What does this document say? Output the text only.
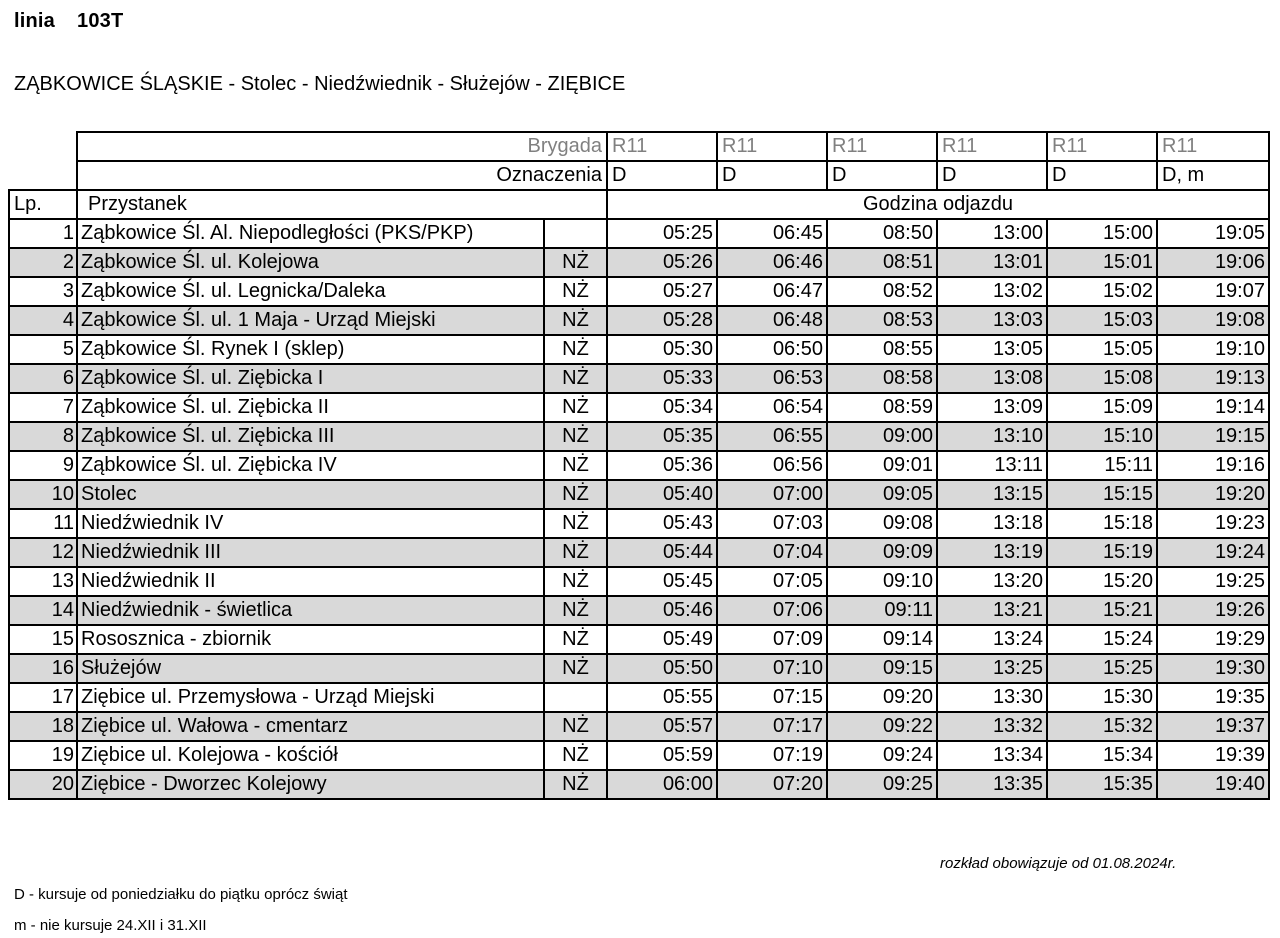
linia 103T
ZĄBKOWICE ŚLĄSKIE - Stolec - Niedźwiednik - Służejów - ZIĘBICE
	Brygada		R11	R11	R11	R11	R11	R11
	Oznaczenia		D	D	D	D	D	D, m
Lp.	Przystanek		Godzina odjazdu					
1	Ząbkowice Śl. Al. Niepodległości (PKS/PKP)		05:25	06:45	08:50	13:00	15:00	19:05
2	Ząbkowice Śl. ul. Kolejowa	NŻ	05:26	06:46	08:51	13:01	15:01	19:06
3	Ząbkowice Śl. ul. Legnicka/Daleka	NŻ	05:27	06:47	08:52	13:02	15:02	19:07
4	Ząbkowice Śl. ul. 1 Maja - Urząd Miejski	NŻ	05:28	06:48	08:53	13:03	15:03	19:08
5	Ząbkowice Śl. Rynek I (sklep)	NŻ	05:30	06:50	08:55	13:05	15:05	19:10
6	Ząbkowice Śl. ul. Ziębicka I	NŻ	05:33	06:53	08:58	13:08	15:08	19:13
7	Ząbkowice Śl. ul. Ziębicka II	NŻ	05:34	06:54	08:59	13:09	15:09	19:14
8	Ząbkowice Śl. ul. Ziębicka III	NŻ	05:35	06:55	09:00	13:10	15:10	19:15
9	Ząbkowice Śl. ul. Ziębicka IV	NŻ	05:36	06:56	09:01	13:11	15:11	19:16
10	Stolec	NŻ	05:40	07:00	09:05	13:15	15:15	19:20
11	Niedźwiednik IV	NŻ	05:43	07:03	09:08	13:18	15:18	19:23
12	Niedźwiednik III	NŻ	05:44	07:04	09:09	13:19	15:19	19:24
13	Niedźwiednik II	NŻ	05:45	07:05	09:10	13:20	15:20	19:25
14	Niedźwiednik - świetlica	NŻ	05:46	07:06	09:11	13:21	15:21	19:26
15	Rososznica - zbiornik	NŻ	05:49	07:09	09:14	13:24	15:24	19:29
16	Służejów	NŻ	05:50	07:10	09:15	13:25	15:25	19:30
17	Ziębice ul. Przemysłowa - Urząd Miejski		05:55	07:15	09:20	13:30	15:30	19:35
18	Ziębice ul. Wałowa - cmentarz	NŻ	05:57	07:17	09:22	13:32	15:32	19:37
19	Ziębice ul. Kolejowa - kościół	NŻ	05:59	07:19	09:24	13:34	15:34	19:39
20	Ziębice - Dworzec Kolejowy	NŻ	06:00	07:20	09:25	13:35	15:35	19:40
rozkład obowiązuje od 01.08.2024r.
D - kursuje od poniedziałku do piątku oprócz świąt
m - nie kursuje 24.XII i 31.XII
